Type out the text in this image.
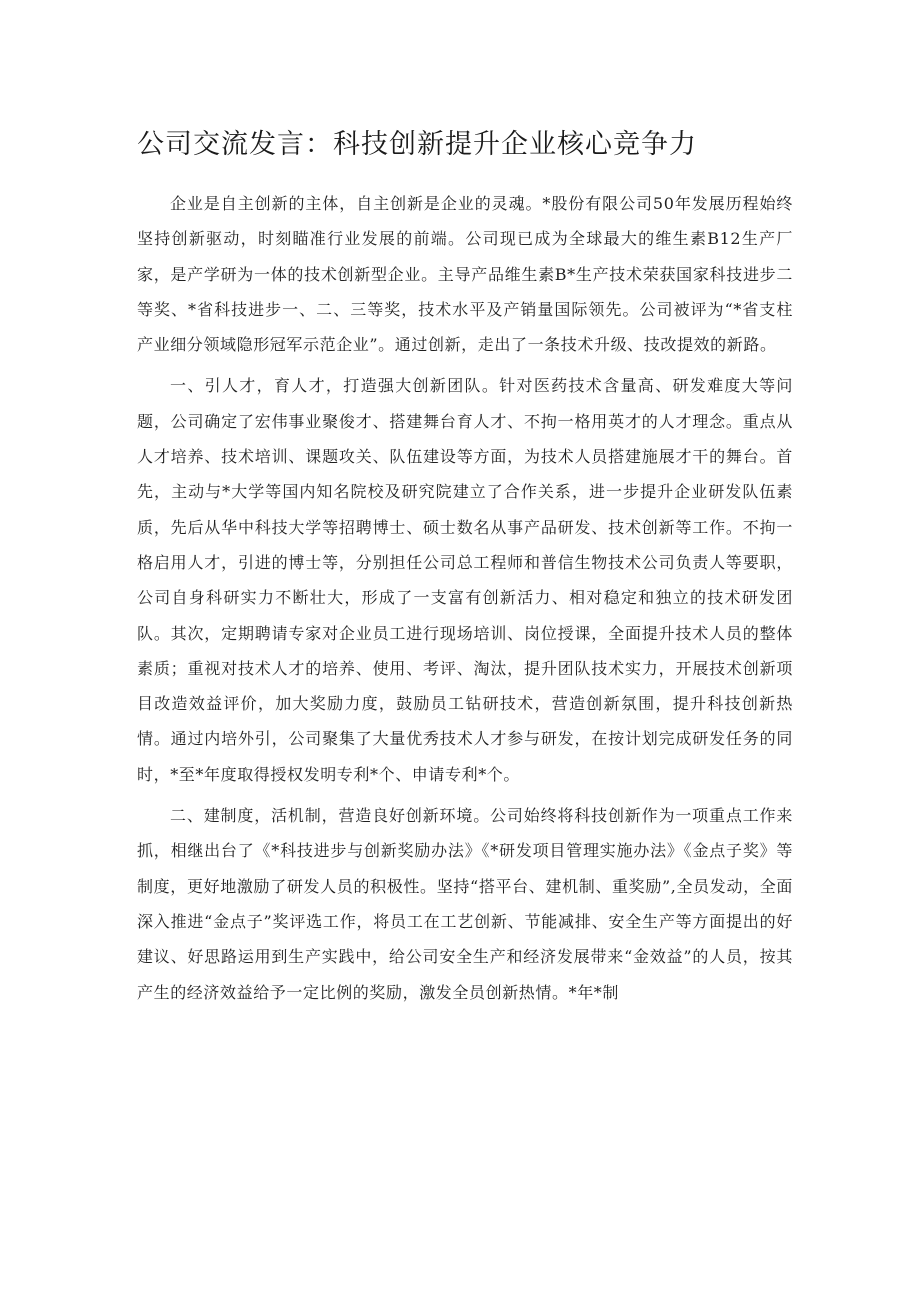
公司交流发言：科技创新提升企业核心竞争力

企业是自主创新的主体，自主创新是企业的灵魂。*股份有限公司50年发展历程始终坚持创新驱动，时刻瞄准行业发展的前端。公司现已成为全球最大的维生素B12生产厂家，是产学研为一体的技术创新型企业。主导产品维生素B*生产技术荣获国家科技进步二等奖、*省科技进步一、二、三等奖，技术水平及产销量国际领先。公司被评为“*省支柱产业细分领域隐形冠军示范企业”。通过创新，走出了一条技术升级、技改提效的新路。

一、引人才，育人才，打造强大创新团队。针对医药技术含量高、研发难度大等问题，公司确定了宏伟事业聚俊才、搭建舞台育人才、不拘一格用英才的人才理念。重点从人才培养、技术培训、课题攻关、队伍建设等方面，为技术人员搭建施展才干的舞台。首先，主动与*大学等国内知名院校及研究院建立了合作关系，进一步提升企业研发队伍素质，先后从华中科技大学等招聘博士、硕士数名从事产品研发、技术创新等工作。不拘一格启用人才，引进的博士等，分别担任公司总工程师和普信生物技术公司负责人等要职，公司自身科研实力不断壮大，形成了一支富有创新活力、相对稳定和独立的技术研发团队。其次，定期聘请专家对企业员工进行现场培训、岗位授课，全面提升技术人员的整体素质；重视对技术人才的培养、使用、考评、淘汰，提升团队技术实力，开展技术创新项目改造效益评价，加大奖励力度，鼓励员工钻研技术，营造创新氛围，提升科技创新热情。通过内培外引，公司聚集了大量优秀技术人才参与研发，在按计划完成研发任务的同时，*至*年度取得授权发明专利*个、申请专利*个。

二、建制度，活机制，营造良好创新环境。公司始终将科技创新作为一项重点工作来抓，相继出台了《*科技进步与创新奖励办法》《*研发项目管理实施办法》《金点子奖》等制度，更好地激励了研发人员的积极性。坚持“搭平台、建机制、重奖励”,全员发动，全面深入推进“金点子”奖评选工作，将员工在工艺创新、节能减排、安全生产等方面提出的好建议、好思路运用到生产实践中，给公司安全生产和经济发展带来“金效益”的人员，按其产生的经济效益给予一定比例的奖励，激发全员创新热情。*年*制
